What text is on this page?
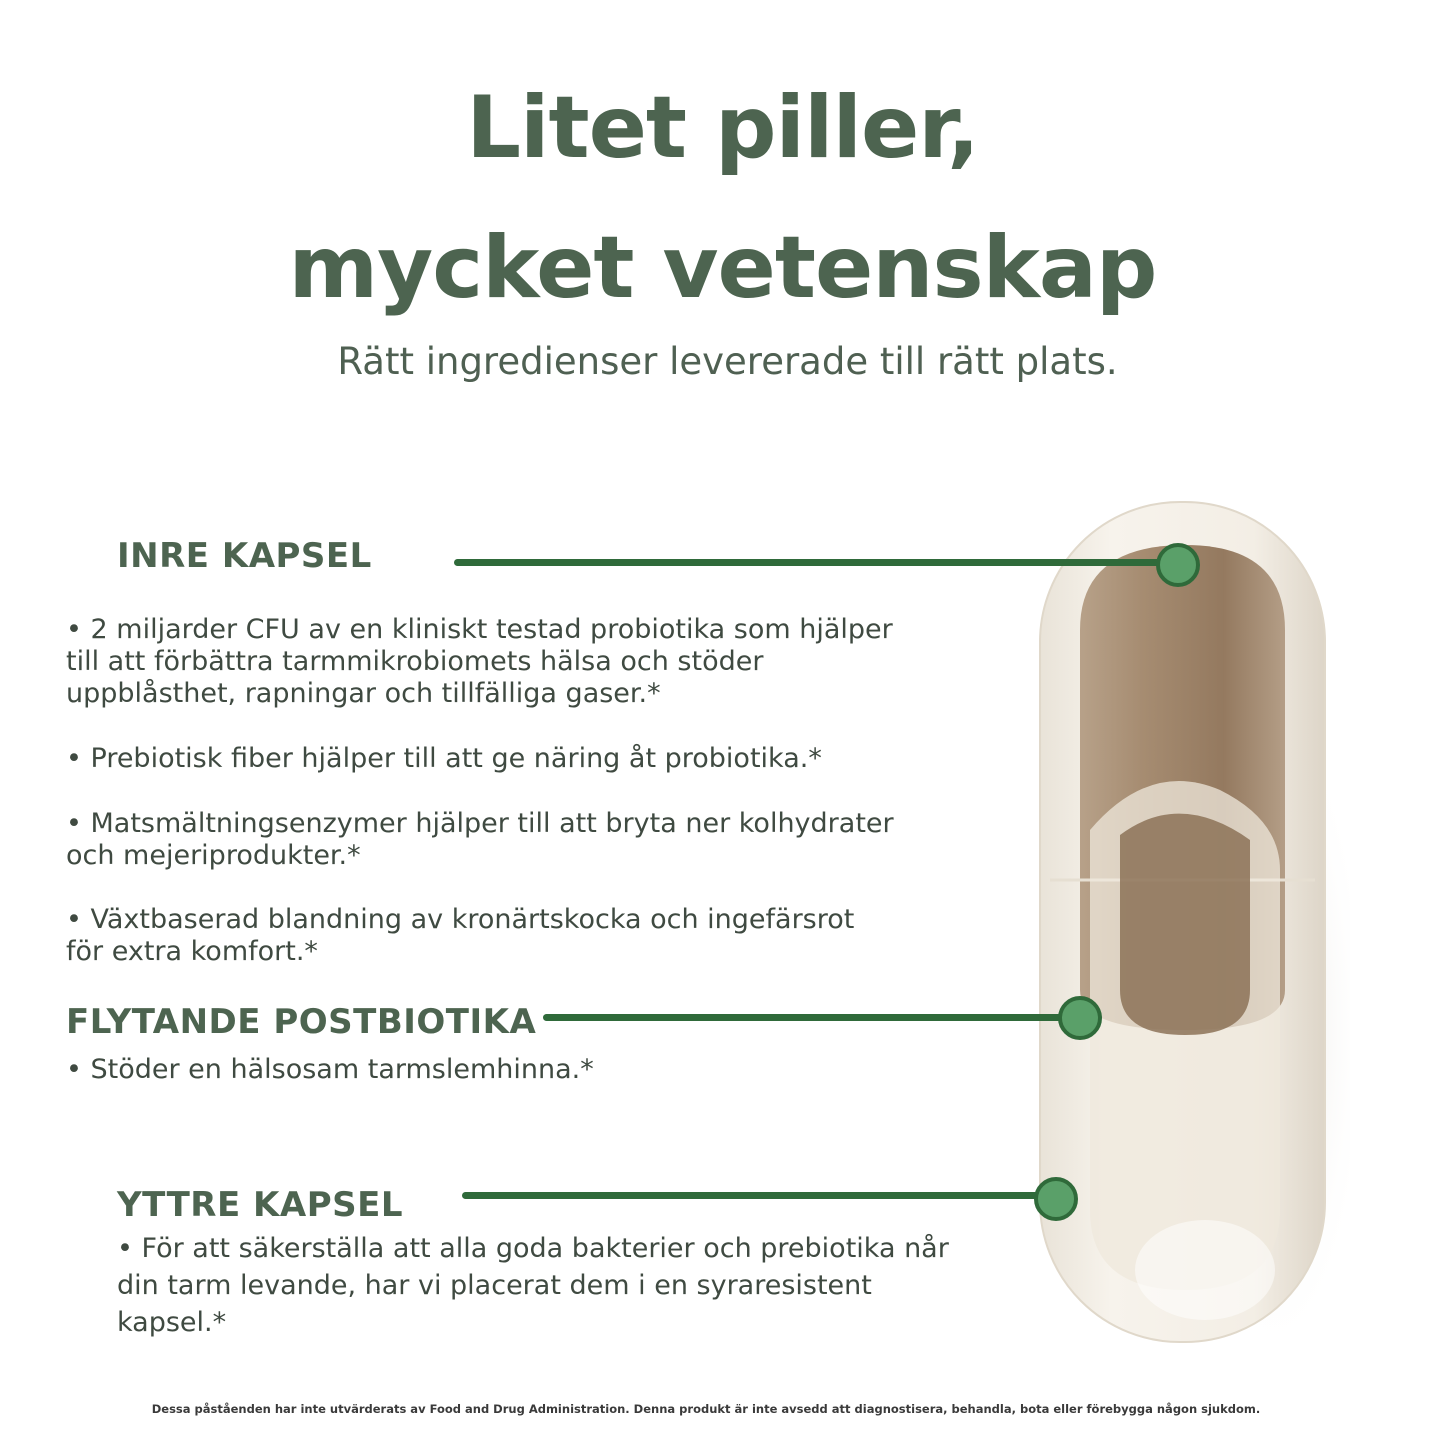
Litet piller,
mycket vetenskap
Rätt ingredienser levererade till rätt plats.
INRE KAPSEL
• 2 miljarder CFU av en kliniskt testad probiotika som hjälper
till att förbättra tarmmikrobiomets hälsa och stöder
uppblåsthet, rapningar och tillfälliga gaser.*
• Prebiotisk fiber hjälper till att ge näring åt probiotika.*
• Matsmältningsenzymer hjälper till att bryta ner kolhydrater
och mejeriprodukter.*
• Växtbaserad blandning av kronärtskocka och ingefärsrot
för extra komfort.*
FLYTANDE POSTBIOTIKA
• Stöder en hälsosam tarmslemhinna.*
YTTRE KAPSEL
• För att säkerställa att alla goda bakterier och prebiotika når
din tarm levande, har vi placerat dem i en syraresistent
kapsel.*
Dessa påståenden har inte utvärderats av Food and Drug Administration. Denna produkt är inte avsedd att diagnostisera, behandla, bota eller förebygga någon sjukdom.
